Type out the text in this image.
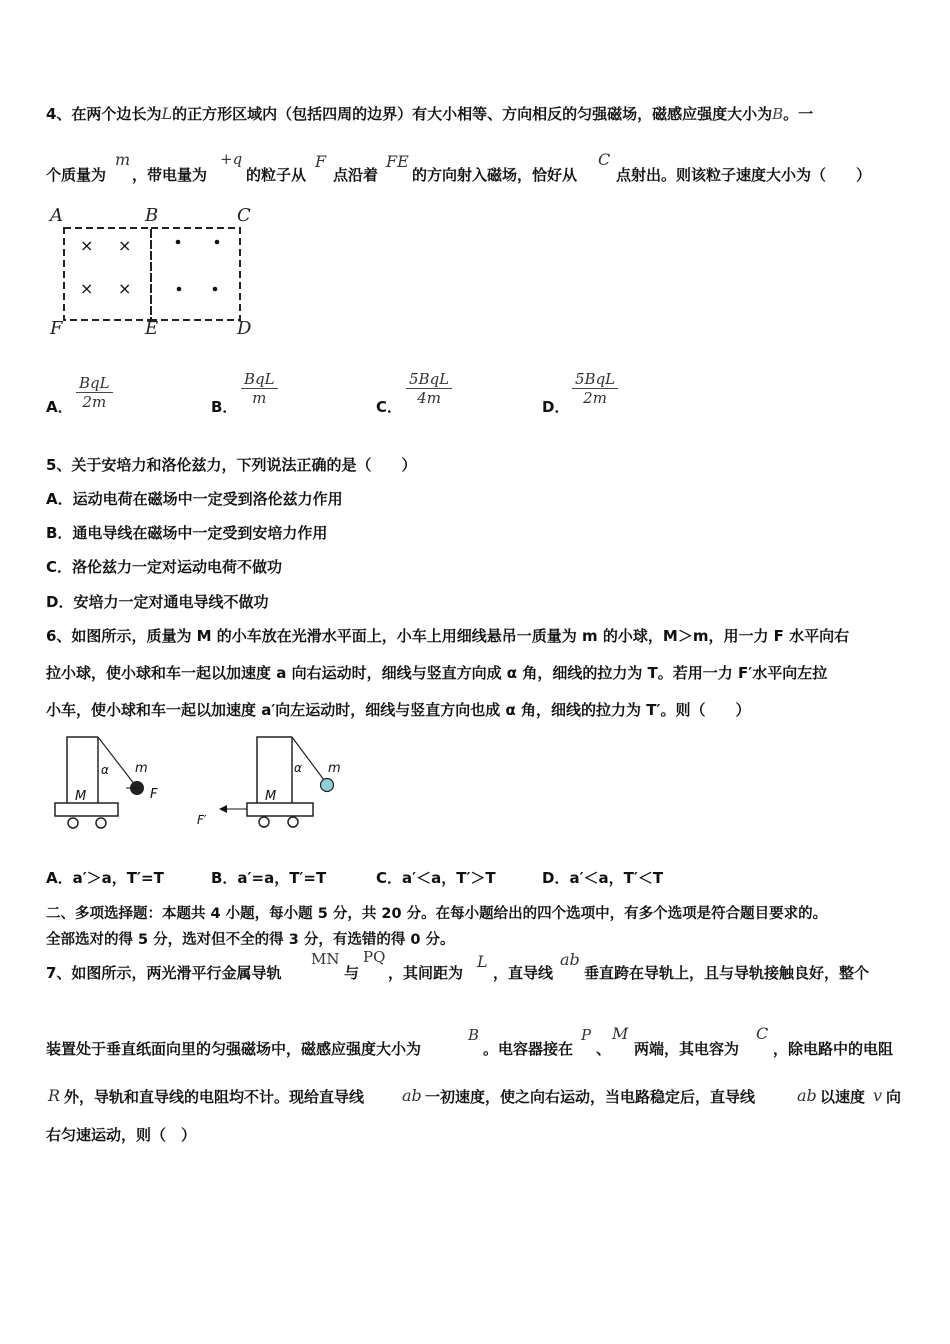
4、在两个边长为L的正方形区域内（包括四周的边界）有大小相等、方向相反的匀强磁场，磁感应强度大小为B。一
个质量为
m
，带电量为
+q
的粒子从
F
点沿着
FE
的方向射入磁场，恰好从
C
点射出。则该粒子速度大小为（　　）
× ×
× ×
A	B	C
F	E	D
A．
BqL
2m	B．
BqL
m	C．
5BqL
4m	D．
5BqL
2m
5、关于安培力和洛伦兹力，下列说法正确的是（　　）
A．运动电荷在磁场中一定受到洛伦兹力作用
B．通电导线在磁场中一定受到安培力作用
C．洛伦兹力一定对运动电荷不做功
D．安培力一定对通电导线不做功
6、如图所示，质量为 M 的小车放在光滑水平面上，小车上用细线悬吊一质量为 m 的小球，M＞m，用一力 F 水平向右
拉小球，使小球和车一起以加速度 a 向右运动时，细线与竖直方向成 α 角，细线的拉力为 T。若用一力 F′水平向左拉
小车，使小球和车一起以加速度 a′向左运动时，细线与竖直方向也成 α 角，细线的拉力为 T′。则（　　）
α m
M	F
α m
M
F′
A．a′＞a，T′=T	B．a′=a，T′=T	C．a′＜a，T′＞T	D．a′＜a，T′＜T
二、多项选择题：本题共 4 小题，每小题 5 分，共 20 分。在每小题给出的四个选项中，有多个选项是符合题目要求的。
全部选对的得 5 分，选对但不全的得 3 分，有选错的得 0 分。
7、如图所示，两光滑平行金属导轨
MN
与
PQ
，其间距为
L
，直导线
ab
垂直跨在导轨上，且与导轨接触良好，整个
装置处于垂直纸面向里的匀强磁场中，磁感应强度大小为
B
。电容器接在
P
、
M
两端，其电容为
C
，除电路中的电阻
R 外，导轨和直导线的电阻均不计。现给直导线 ab 一初速度，使之向右运动，当电路稳定后，直导线	ab 以速度 v 向
右匀速运动，则（　）
